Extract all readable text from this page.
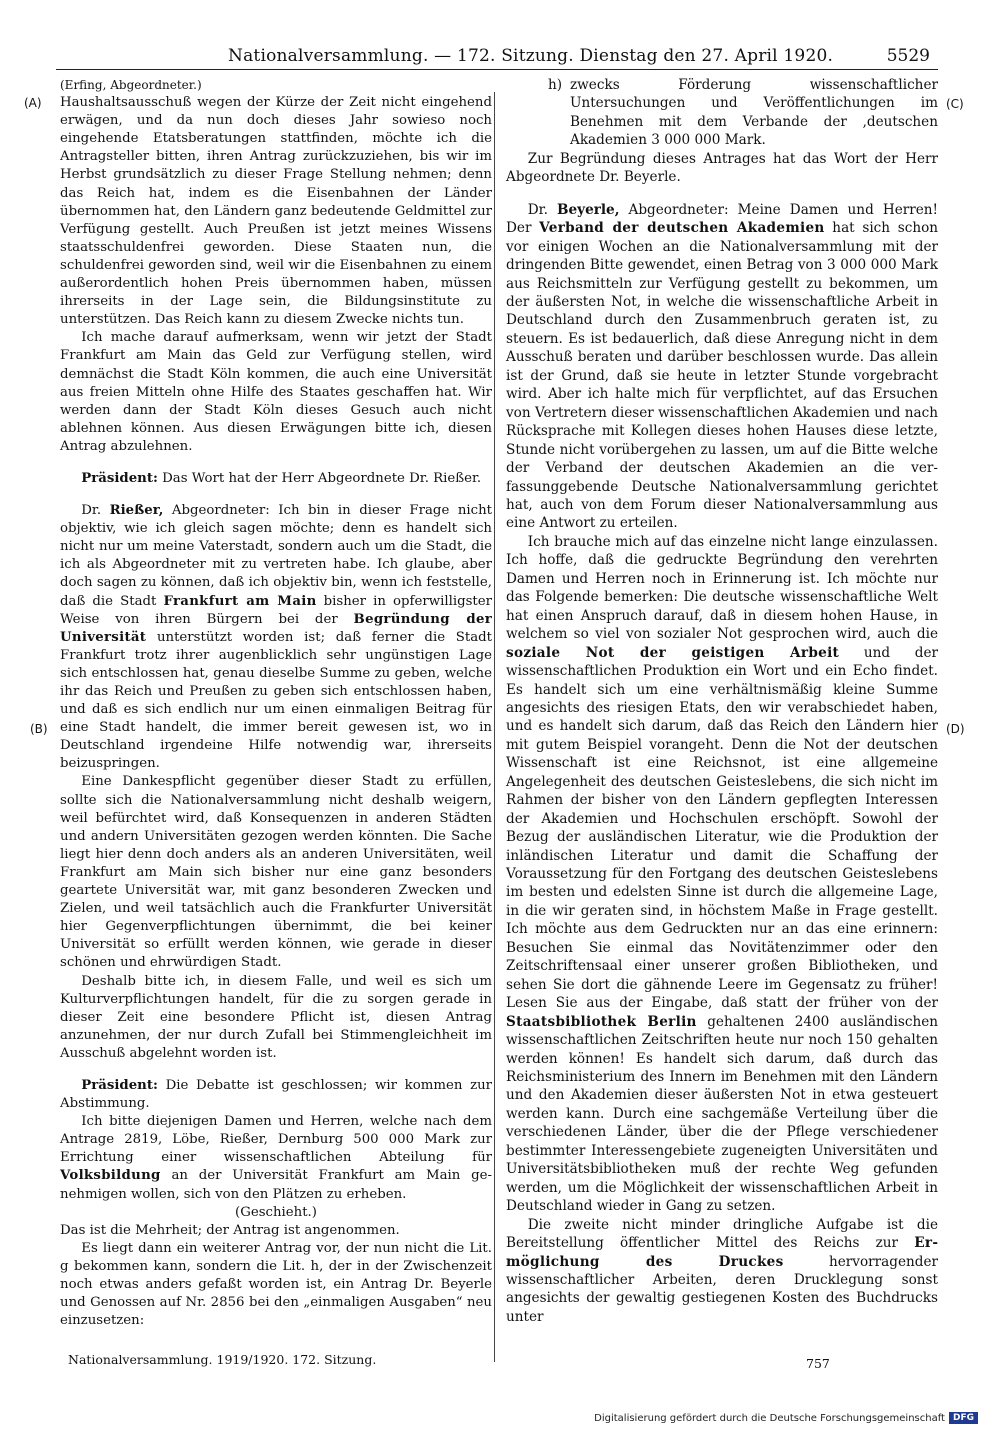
Nationalversammlung. — 172. Sitzung. Dienstag den 27. April 1920.	5529
(A)
(B)
(C)
(D)

(Erfing, Abgeordneter.)

Haushaltsausschuß wegen der Kürze der Zeit nicht eingehend erwägen, und da nun doch dieses Jahr sowieso noch eingehende Etatsberatungen stattfinden, möchte ich die Antragsteller bitten, ihren Antrag zurückzuziehen, bis wir im Herbst grundsätzlich zu dieser Frage Stellung nehmen; denn das Reich hat, indem es die Eisenbahnen der Länder übernommen hat, den Ländern ganz bedeutende Geldmittel zur Verfügung gestellt. Auch Preußen ist jetzt meines Wissens staatsschuldenfrei geworden. Diese Staaten nun, die schuldenfrei geworden sind, weil wir die Eisenbahnen zu einem außerordentlich hohen Preis übernommen haben, müssen ihrerseits in der Lage sein, die Bildungsinstitute zu unterstützen. Das Reich kann zu diesem Zwecke nichts tun.

Ich mache darauf aufmerksam, wenn wir jetzt der Stadt Frankfurt am Main das Geld zur Verfügung stellen, wird demnächst die Stadt Köln kommen, die auch eine Universität aus freien Mitteln ohne Hilfe des Staates geschaffen hat. Wir werden dann der Stadt Köln dieses Gesuch auch nicht ablehnen können. Aus diesen Erwägungen bitte ich, diesen Antrag abzulehnen.

Präsident: Das Wort hat der Herr Abgeordnete Dr. Rießer.

Dr. Rießer, Abgeordneter: Ich bin in dieser Frage nicht objektiv, wie ich gleich sagen möchte; denn es handelt sich nicht nur um meine Vaterstadt, sondern auch um die Stadt, die ich als Abgeordneter mit zu vertreten habe. Ich glaube, aber doch sagen zu können, daß ich objektiv bin, wenn ich feststelle, daß die Stadt Frankfurt am Main bisher in opferwilligster Weise von ihren Bürgern bei der Begründung der Universität unterstützt worden ist; daß ferner die Stadt Frankfurt trotz ihrer augenblicklich sehr ungünstigen Lage sich entschlossen hat, genau dieselbe Summe zu geben, welche ihr das Reich und Preußen zu geben sich entschlossen haben, und daß es sich endlich nur um einen einmaligen Beitrag für eine Stadt handelt, die immer bereit gewesen ist, wo in Deutschland irgendeine Hilfe notwendig war, ihrerseits beizuspringen.

Eine Dankespflicht gegenüber dieser Stadt zu erfüllen, sollte sich die Nationalversammlung nicht deshalb weigern, weil befürchtet wird, daß Konsequenzen in anderen Städten und andern Universitäten gezogen werden könnten. Die Sache liegt hier denn doch anders als an anderen Universitäten, weil Frankfurt am Main sich bisher nur eine ganz besonders geartete Universität war, mit ganz besonderen Zwecken und Zielen, und weil tatsächlich auch die Frankfurter Universität hier Gegenverpflichtungen übernimmt, die bei keiner Universität so erfüllt werden können, wie gerade in dieser schönen und ehrwürdigen Stadt.

Deshalb bitte ich, in diesem Falle, und weil es sich um Kulturverpflichtungen handelt, für die zu sorgen gerade in dieser Zeit eine besondere Pflicht ist, diesen Antrag anzunehmen, der nur durch Zufall bei Stimmengleichheit im Ausschuß abgelehnt worden ist.

Präsident: Die Debatte ist geschlossen; wir kommen zur Abstimmung.

Ich bitte diejenigen Damen und Herren, welche nach dem Antrage 2819, Löbe, Rießer, Dernburg 500 000 Mark zur Errichtung einer wissenschaftlichen Abteilung für Volksbildung an der Universität Frankfurt am Main genehmigen wollen, sich von den Plätzen zu erheben.

(Geschieht.)

Das ist die Mehrheit; der Antrag ist angenommen.

Es liegt dann ein weiterer Antrag vor, der nun nicht die Lit. g bekommen kann, sondern die Lit. h, der in der Zwischenzeit noch etwas anders gefaßt worden ist, ein Antrag Dr. Beyerle und Genossen auf Nr. 2856 bei den „einmaligen Ausgaben“ neu einzusetzen:

h) zwecks Förderung wissenschaftlicher Untersuchungen und Veröffentlichungen im Benehmen mit dem Verbande der ‚deutschen Akademien 3 000 000 Mark.

Zur Begründung dieses Antrages hat das Wort der Herr Abgeordnete Dr. Beyerle.

Dr. Beyerle, Abgeordneter: Meine Damen und Herren! Der Verband der deutschen Akademien hat sich schon vor einigen Wochen an die Nationalversammlung mit der dringenden Bitte gewendet, einen Betrag von 3 000 000 Mark aus Reichsmitteln zur Verfügung gestellt zu bekommen, um der äußersten Not, in welche die wissenschaftliche Arbeit in Deutschland durch den Zusammenbruch geraten ist, zu steuern. Es ist bedauerlich, daß diese Anregung nicht in dem Ausschuß beraten und darüber beschlossen wurde. Das allein ist der Grund, daß sie heute in letzter Stunde vorgebracht wird. Aber ich halte mich für verpflichtet, auf das Ersuchen von Vertretern dieser wissenschaftlichen Akademien und nach Rücksprache mit Kollegen dieses hohen Hauses diese letzte, Stunde nicht vorübergehen zu lassen, um auf die Bitte welche der Verband der deutschen Akademien an die verfassunggebende Deutsche Nationalversammlung gerichtet hat, auch von dem Forum dieser Nationalversammlung aus eine Antwort zu erteilen.

Ich brauche mich auf das einzelne nicht lange einzulassen. Ich hoffe, daß die gedruckte Begründung den verehrten Damen und Herren noch in Erinnerung ist. Ich möchte nur das Folgende bemerken: Die deutsche wissenschaftliche Welt hat einen Anspruch darauf, daß in diesem hohen Hause, in welchem so viel von sozialer Not gesprochen wird, auch die soziale Not der geistigen Arbeit und der wissenschaftlichen Produktion ein Wort und ein Echo findet. Es handelt sich um eine verhältnismäßig kleine Summe angesichts des riesigen Etats, den wir verabschiedet haben, und es handelt sich darum, daß das Reich den Ländern hier mit gutem Beispiel vorangeht. Denn die Not der deutschen Wissenschaft ist eine Reichsnot, ist eine allgemeine Angelegenheit des deutschen Geisteslebens, die sich nicht im Rahmen der bisher von den Ländern gepflegten Interessen der Akademien und Hochschulen erschöpft. Sowohl der Bezug der ausländischen Literatur, wie die Produktion der inländischen Literatur und damit die Schaffung der Voraussetzung für den Fortgang des deutschen Geisteslebens im besten und edelsten Sinne ist durch die allgemeine Lage, in die wir geraten sind, in höchstem Maße in Frage gestellt. Ich möchte aus dem Gedruckten nur an das eine erinnern: Besuchen Sie einmal das Novitätenzimmer oder den Zeitschriftensaal einer unserer großen Bibliotheken, und sehen Sie dort die gähnende Leere im Gegensatz zu früher! Lesen Sie aus der Eingabe, daß statt der früher von der Staatsbibliothek Berlin gehaltenen 2400 ausländischen wissenschaftlichen Zeitschriften heute nur noch 150 gehalten werden können! Es handelt sich darum, daß durch das Reichsministerium des Innern im Benehmen mit den Ländern und den Akademien dieser äußersten Not in etwa gesteuert werden kann. Durch eine sachgemäße Verteilung über die verschiedenen Länder, über die der Pflege verschiedener bestimmter Interessengebiete zugeneigten Universitäten und Universitätsbibliotheken muß der rechte Weg gefunden werden, um die Möglichkeit der wissenschaftlichen Arbeit in Deutschland wieder in Gang zu setzen.

Die zweite nicht minder dringliche Aufgabe ist die Bereitstellung öffentlicher Mittel des Reichs zur Ermöglichung des Druckes hervorragender wissenschaftlicher Arbeiten, deren Drucklegung sonst angesichts der gewaltig gestiegenen Kosten des Buchdrucks unter

Nationalversammlung. 1919/1920. 172. Sitzung.	757
Digitalisierung gefördert durch die Deutsche Forschungsgemeinschaft DFG
